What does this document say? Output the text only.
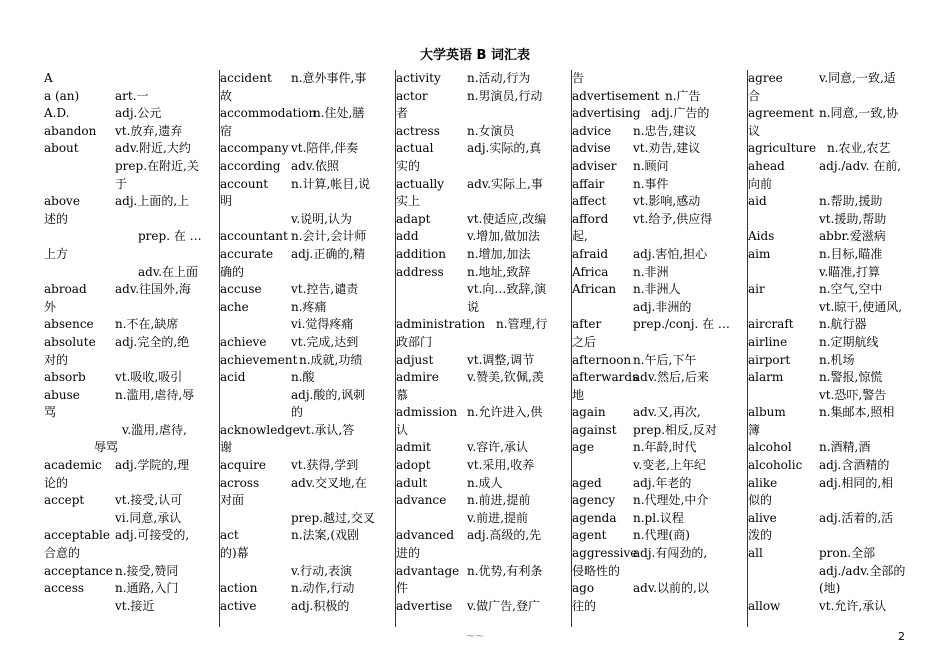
大学英语 B 词汇表
A
a (an)	art.一
A.D.	adj.公元
abandon vt.放弃,遗弃
about	adv.附近,大约
prep.在附近,关
于
above	adj.上面的,上
述的
prep. 在 …
上方
adv.在上面
abroad adv.往国外,海
外
absence n.不在,缺席
absolute adj.完全的,绝
对的
absorb vt.吸收,吸引
abuse	n.滥用,虐待,辱
骂
v.滥用,虐待,
辱骂
academic adj.学院的,理
论的
accept	vt.接受,认可
vi.同意,承认
acceptable adj.可接受的,
合意的
acceptance n.接受,赞同
access	n.通路,入门
vt.接近
accident n.意外事件,事
故
accommodation
n.住处,膳
宿
accompany vt.陪伴,伴奏
according adv.依照
account n.计算,帐目,说
明
v.说明,认为
accountant n.会计,会计师
accurate adj.正确的,精
确的
accuse vt.控告,谴责
ache	n.疼痛
vi.觉得疼痛
achieve vt.完成,达到
achievement n.成就,功绩
acid	n.酸
adj.酸的,讽刺
的
acknowledge vt.承认,答
谢
acquire vt.获得,学到
across	adv.交叉地,在
对面
prep.越过,交叉
act	n.法案,(戏剧
的)幕
v.行动,表演
action	n.动作,行动
active	adj.积极的
activity n.活动,行为
actor	n.男演员,行动
者
actress n.女演员
actual	adj.实际的,真
实的
actually adv.实际上,事
实上
adapt	vt.使适应,改编
add	v.增加,做加法
addition n.增加,加法
address n.地址,致辞
vt.向…致辞,演
说
administration n.管理,行
政部门
adjust	vt.调整,调节
admire v.赞美,钦佩,羡
慕
admission n.允许进入,供
认
admit	v.容许,承认
adopt	vt.采用,收养
adult	n.成人
advance n.前进,提前
v.前进,提前
advanced adj.高级的,先
进的
advantage n.优势,有利条
件
advertise v.做广告,登广
告
advertisement n.广告
advertising adj.广告的
advice n.忠告,建议
advise vt.劝告,建议
adviser n.顾问
affair n.事件
affect vt.影响,感动
afford vt.给予,供应得
起,
afraid adj.害怕,担心
Africa n.非洲
African n.非洲人
adj.非洲的
after	prep./conj. 在 …
之后
afternoon n.午后,下午
afterwards
adv.然后,后来
地
again adv.又,再次,
against prep.相反,反对
age	n.年龄,时代
v.变老,上年纪
aged	adj.年老的
agency n.代理处,中介
agenda n.pl.议程
agent n.代理(商)
aggressive
adj.有闯劲的,
侵略性的
ago	adv.以前的,以
往的
agree	v.同意,一致,适
合
agreement n.同意,一致,协
议
agriculture n.农业,农艺
ahead	adj./adv. 在前,
向前
aid	n.帮助,援助
vt.援助,帮助
Aids	abbr.爱滋病
aim	n.目标,瞄准
v.瞄准,打算
air	n.空气,空中
vt.晾干,使通风,
aircraft n.航行器
airline	n.定期航线
airport n.机场
alarm	n.警报,惊慌
vt.恐吓,警告
album	n.集邮本,照相
簿
alcohol n.酒精,酒
alcoholic adj.含酒精的
alike	adj.相同的,相
似的
alive	adj.活着的,活
泼的
all	pron.全部
adj./adv.全部的
(地)
allow	vt.允许,承认
~~	2
